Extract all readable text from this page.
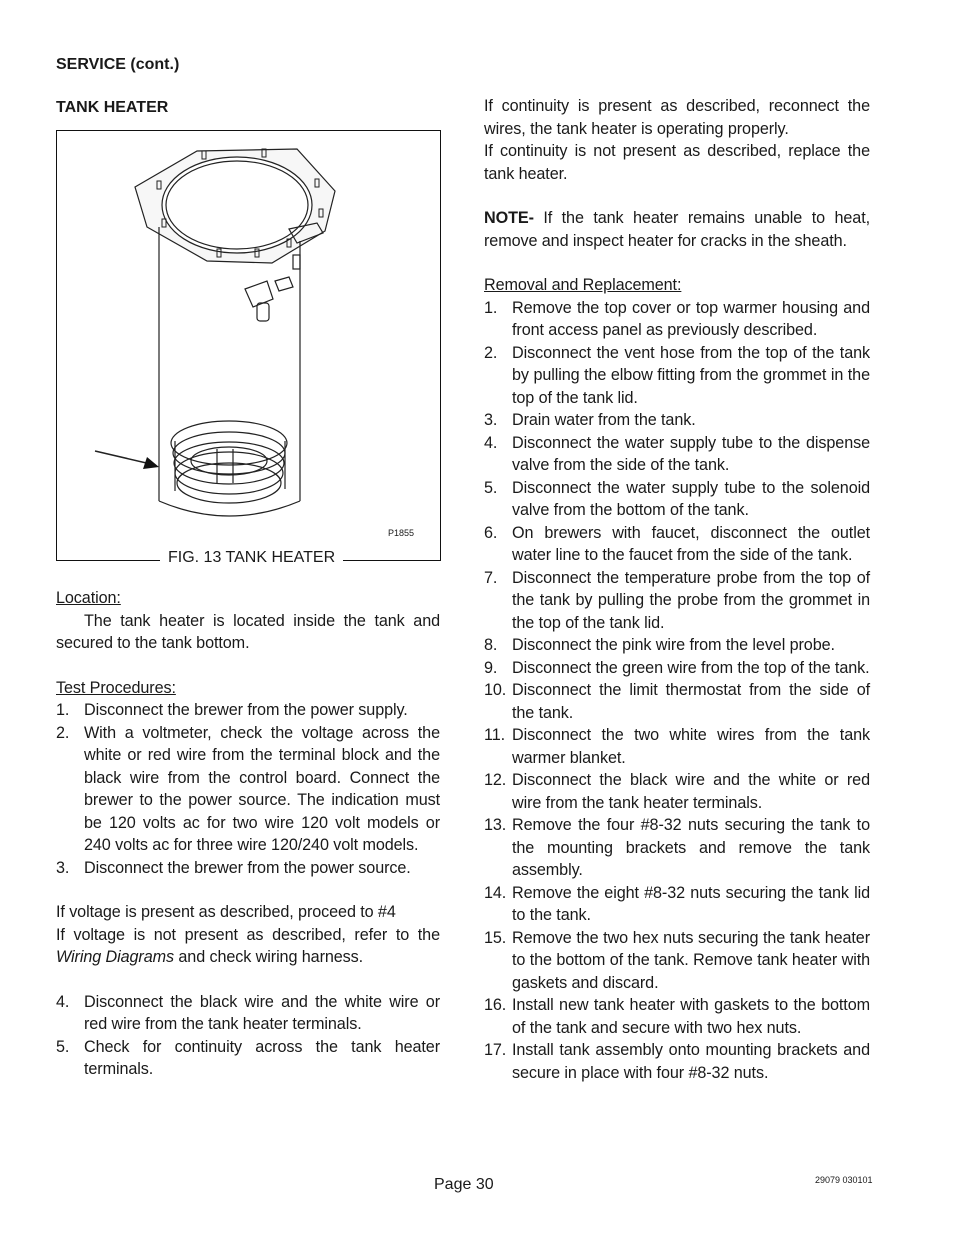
SERVICE (cont.)
TANK HEATER
P1855
FIG. 13 TANK HEATER
Location:
The tank heater is located inside the tank and secured to the tank bottom.
Test Procedures:
1. Disconnect the brewer from the power supply.
2. With a voltmeter, check the voltage across the white or red wire from the terminal block and the black wire from the control board. Connect the brewer to the power source. The indication must be 120 volts ac for two wire 120 volt models or 240 volts ac for three wire 120/240 volt models.
3. Disconnect the brewer from the power source.
If voltage is present as described, proceed to #4
If voltage is not present as described, refer to the Wiring Diagrams and check wiring harness.
4. Disconnect the black wire and the white wire or red wire from the tank heater terminals.
5. Check for continuity across the tank heater terminals.
If continuity is present as described, reconnect the wires, the tank heater is operating properly.
If continuity is not present as described, replace the tank heater.
NOTE- If the tank heater remains unable to heat, remove and inspect heater for cracks in the sheath.
Removal and Replacement:
1. Remove the top cover or top warmer housing and front access panel as previously described.
2. Disconnect the vent hose from the top of the tank by pulling the elbow fitting from the grommet in the top of the tank lid.
3. Drain water from the tank.
4. Disconnect the water supply tube to the dispense valve from the side of the tank.
5. Disconnect the water supply tube to the solenoid valve from the bottom of the tank.
6. On brewers with faucet, disconnect the outlet water line to the faucet from the side of the tank.
7. Disconnect the temperature probe from the top of the tank by pulling the probe from the grommet in the top of the tank lid.
8. Disconnect the pink wire from the level probe.
9. Disconnect the green wire from the top of the tank.
10. Disconnect the limit thermostat from the side of the tank.
11. Disconnect the two white wires from the tank warmer blanket.
12. Disconnect the black wire and the white or red wire from the tank heater terminals.
13. Remove the four #8-32 nuts securing the tank to the mounting brackets and remove the tank assembly.
14. Remove the eight #8-32 nuts securing the tank lid to the tank.
15. Remove the two hex nuts securing the tank heater to the bottom of the tank. Remove tank heater with gaskets and discard.
16. Install new tank heater with gaskets to the bottom of the tank and secure with two hex nuts.
17. Install tank assembly onto mounting brackets and secure in place with four #8-32 nuts.
Page 30	29079 030101
